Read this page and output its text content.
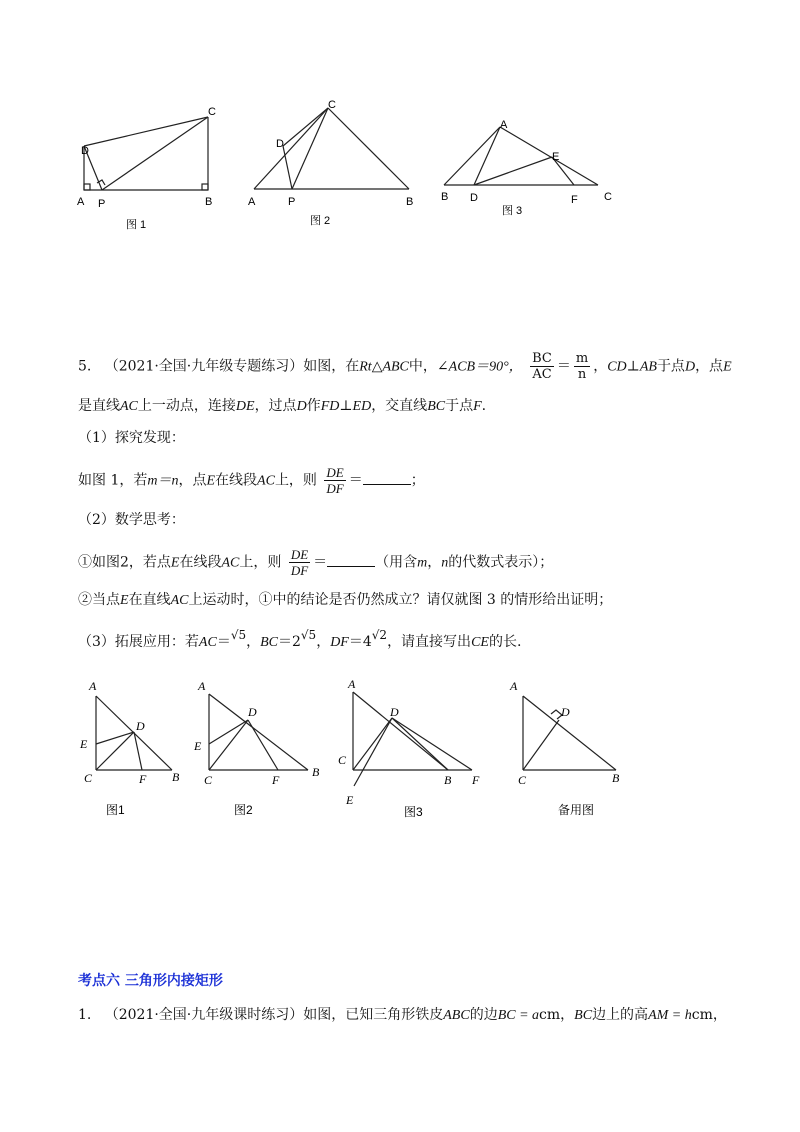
A	B
C
D
P
图 1
C
D
A	P	B
图 2
A
E
B D	F C
图 3
5. （2021·全国·九年级专题练习）如图，在Rt△ABC中，∠ACB＝90°， $\frac{BC}{AC} = \frac{m}{n}$ ，CD⊥AB于点D，点E
是直线AC上一动点，连接DE，过点D作FD⊥ED，交直线BC于点F.
（1）探究发现：
如图 1，若m＝n，点E在线段AC上，则 $\frac{DE}{DF}$ ＝	；
（2）数学思考：
①如图2，若点E在线段AC上，则 $\frac{DE}{DF}$ ＝	（用含m，n的代数式表示）；
②当点E在直线AC上运动时，①中的结论是否仍然成立？请仅就图 3 的情形给出证明；
（3）拓展应用：若AC＝√5，BC＝2√5，DF＝4√2，请直接写出CE的长.
A
D
E
C	F B
图1
A
D
E
C	F
B
图2
A
D
C
B F
E
图3
A
D
C	B
备用图
考点六 三角形内接矩形
1. （2021·全国·九年级课时练习）如图，已知三角形铁皮ABC的边BC = acm，BC边上的高AM = hcm，
